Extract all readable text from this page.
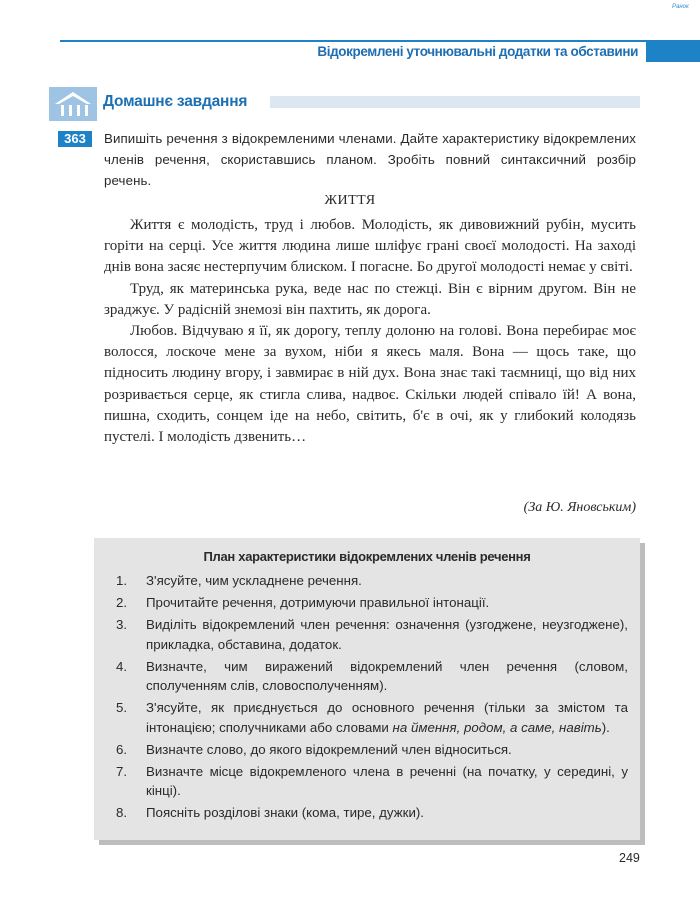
Ранок
Відокремлені уточнювальні додатки та обставини
Домашнє завдання
363	Випишіть речення з відокремленими членами. Дайте характеристику відокремлених членів речення, скориставшись планом. Зробіть повний синтаксичний розбір речень.
ЖИТТЯ

Життя є молодість, труд і любов. Молодість, як дивовижний рубін, мусить горіти на серці. Усе життя людина лише шліфує грані своєї молодості. На заході днів вона засяє нестерпучим блиском. І погасне. Бо другої молодості немає у світі.

Труд, як материнська рука, веде нас по стежці. Він є вірним другом. Він не зраджує. У радісній знемозі він пахтить, як дорога.

Любов. Відчуваю я її, як дорогу, теплу долоню на голові. Вона перебирає моє волосся, лоскоче мене за вухом, ніби я якесь маля. Вона — щось таке, що підносить людину вгору, і завмирає в ній дух. Вона знає такі таємниці, що від них розривається серце, як стигла слива, надвоє. Скільки людей співало їй! А вона, пишна, сходить, сонцем іде на небо, світить, б'є в очі, як у глибокий колодязь пустелі. І молодість дзвенить…

(За Ю. Яновським)
План характеристики відокремлених членів речення
1. З'ясуйте, чим ускладнене речення.
2. Прочитайте речення, дотримуючи правильної інтонації.
3. Виділіть відокремлений член речення: означення (узгоджене, неузгоджене), прикладка, обставина, додаток.
4. Визначте, чим виражений відокремлений член речення (словом, сполученням слів, словосполученням).
5. З'ясуйте, як приєднується до основного речення (тільки за змістом та інтонацією; сполучниками або словами на ймення, родом, а саме, навіть).
6. Визначте слово, до якого відокремлений член відноситься.
7. Визначте місце відокремленого члена в реченні (на початку, у середині, у кінці).
8. Поясніть розділові знаки (кома, тире, дужки).
249
